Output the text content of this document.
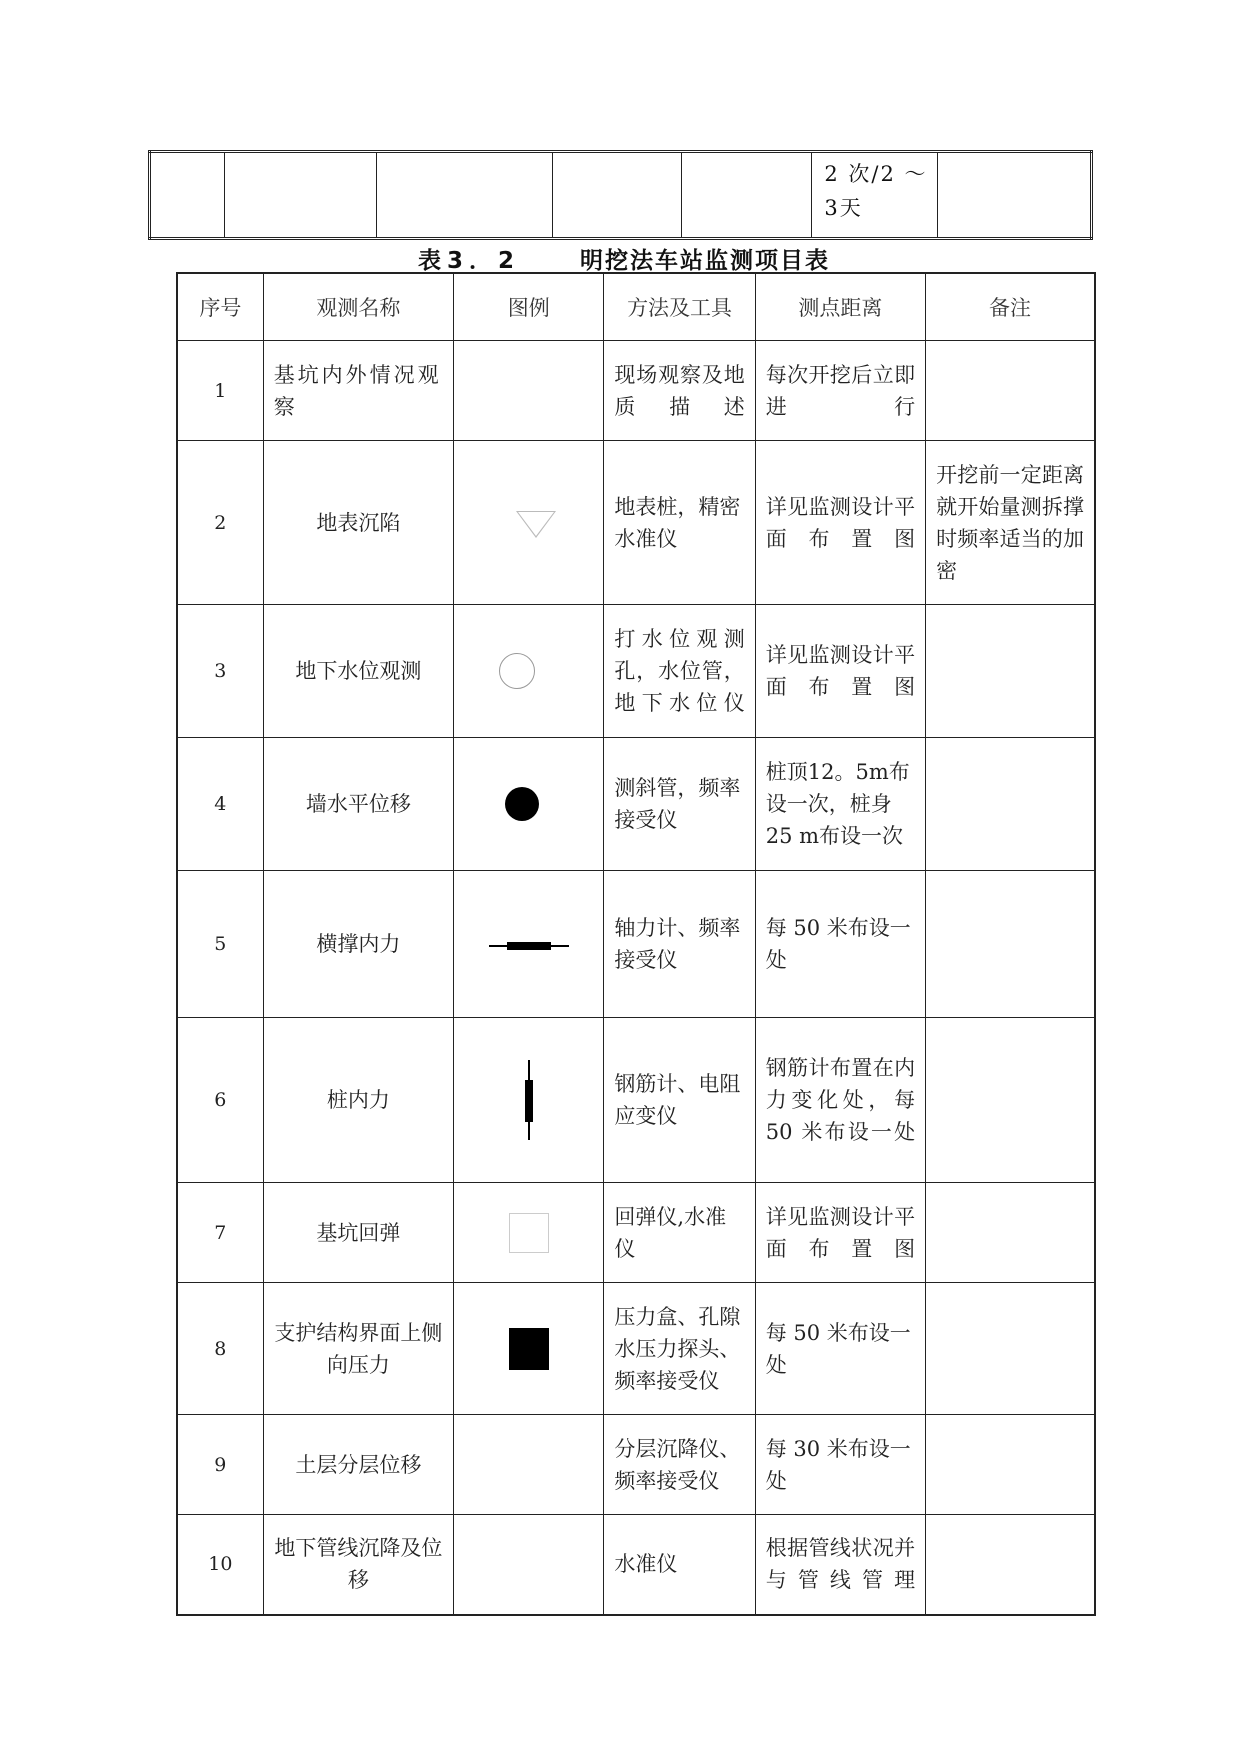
					2 次/2 ～ 3天	
表3．2	明挖法车站监测项目表
序号	观测名称	图例	方法及工具	测点距离	备注
1	基坑内外情况观察		现场观察及地质描述	每次开挖后立即进行	
2	地表沉陷		地表桩，精密水准仪	详见监测设计平面布置图	开挖前一定距离就开始量测拆撑时频率适当的加密
3	地下水位观测		打水位观测孔，水位管，地下水位仪	详见监测设计平面布置图	
4	墙水平位移		测斜管，频率接受仪	桩顶12。5m布设一次，桩身25 m布设一次	
5	横撑内力		轴力计、频率接受仪	每 50 米布设一处	
6	桩内力		钢筋计、电阻应变仪	钢筋计布置在内力变化处，每 50 米布设一处	
7	基坑回弹		回弹仪,水准仪	详见监测设计平面布置图	
8	支护结构界面上侧向压力		压力盒、孔隙水压力探头、频率接受仪	每 50 米布设一处	
9	土层分层位移		分层沉降仪、频率接受仪	每 30 米布设一处	
10	地下管线沉降及位移		水准仪	根据管线状况并与管线管理	
